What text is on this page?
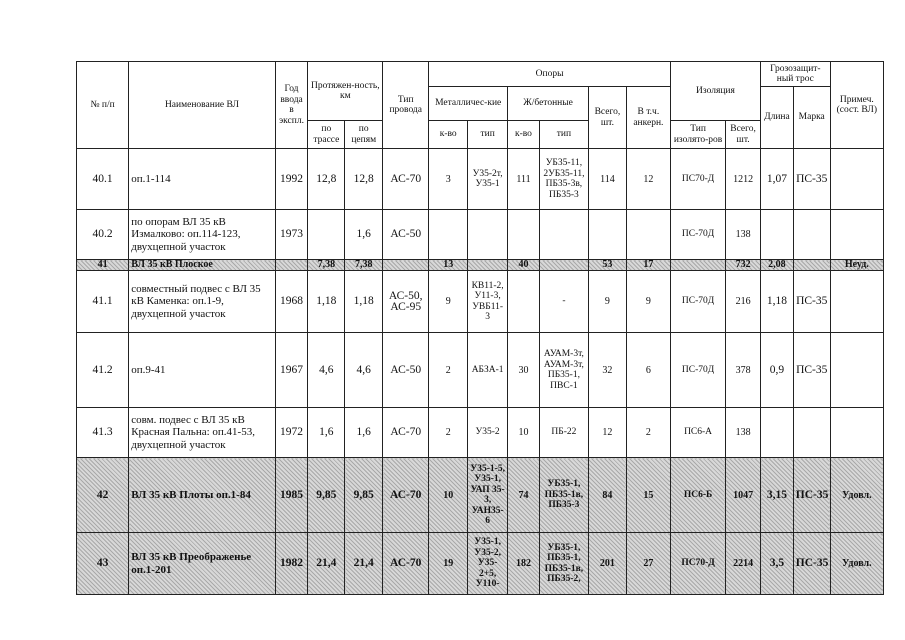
№ п/п	Наименование ВЛ	Год ввода в экспл.	Протяжен-ность, км		Тип провода	Опоры						Изоляция		Грозозащит-ный трос		Примеч. (сост. ВЛ)
						Металличес-кие		Ж/бетонные		Всего, шт.	В т.ч. анкерн.			Длина	Марка	
			по трассе	по цепям		к-во	тип	к-во	тип			Тип изолято-ров	Всего, шт.			
40.1	оп.1-114	1992	12,8	12,8	АС-70	3	У35-2т, У35-1	111	УБ35-11, 2УБ35-11, ПБ35-3в, ПБ35-3	114	12	ПС70-Д	1212	1,07	ПС-35	
40.2	по опорам ВЛ 35 кВ Измалково: оп.114-123, двухцепной участок	1973		1,6	АС-50							ПС-70Д	138			
41	ВЛ 35 кВ Плоское		7,38	7,38		13		40		53	17		732	2,08		Неуд.
41.1	совместный подвес с ВЛ 35 кВ Каменка: оп.1-9, двухцепной участок	1968	1,18	1,18	АС-50, АС-95	9	КВ11-2, У11-3, УВБ11-3		-	9	9	ПС-70Д	216	1,18	ПС-35	
41.2	оп.9-41	1967	4,6	4,6	АС-50	2	АБЗА-1	30	АУАМ-3т, АУАМ-3т, ПБ35-1, ПВС-1	32	6	ПС-70Д	378	0,9	ПС-35	
41.3	совм. подвес с ВЛ 35 кВ Красная Пальна: оп.41-53, двухцепной участок	1972	1,6	1,6	АС-70	2	У35-2	10	ПБ-22	12	2	ПС6-А	138			
42	ВЛ 35 кВ Плоты оп.1-84	1985	9,85	9,85	АС-70	10	У35-1-5, У35-1, УАП 35-3, УАН35-6	74	УБ35-1, ПБ35-1в, ПБ35-3	84	15	ПС6-Б	1047	3,15	ПС-35	Удовл.
43	ВЛ 35 кВ Преображенье оп.1-201	1982	21,4	21,4	АС-70	19	У35-1, У35-2, У35-2+5, У110-	182	УБ35-1, ПБ35-1, ПБ35-1в, ПБ35-2,	201	27	ПС70-Д	2214	3,5	ПС-35	Удовл.
